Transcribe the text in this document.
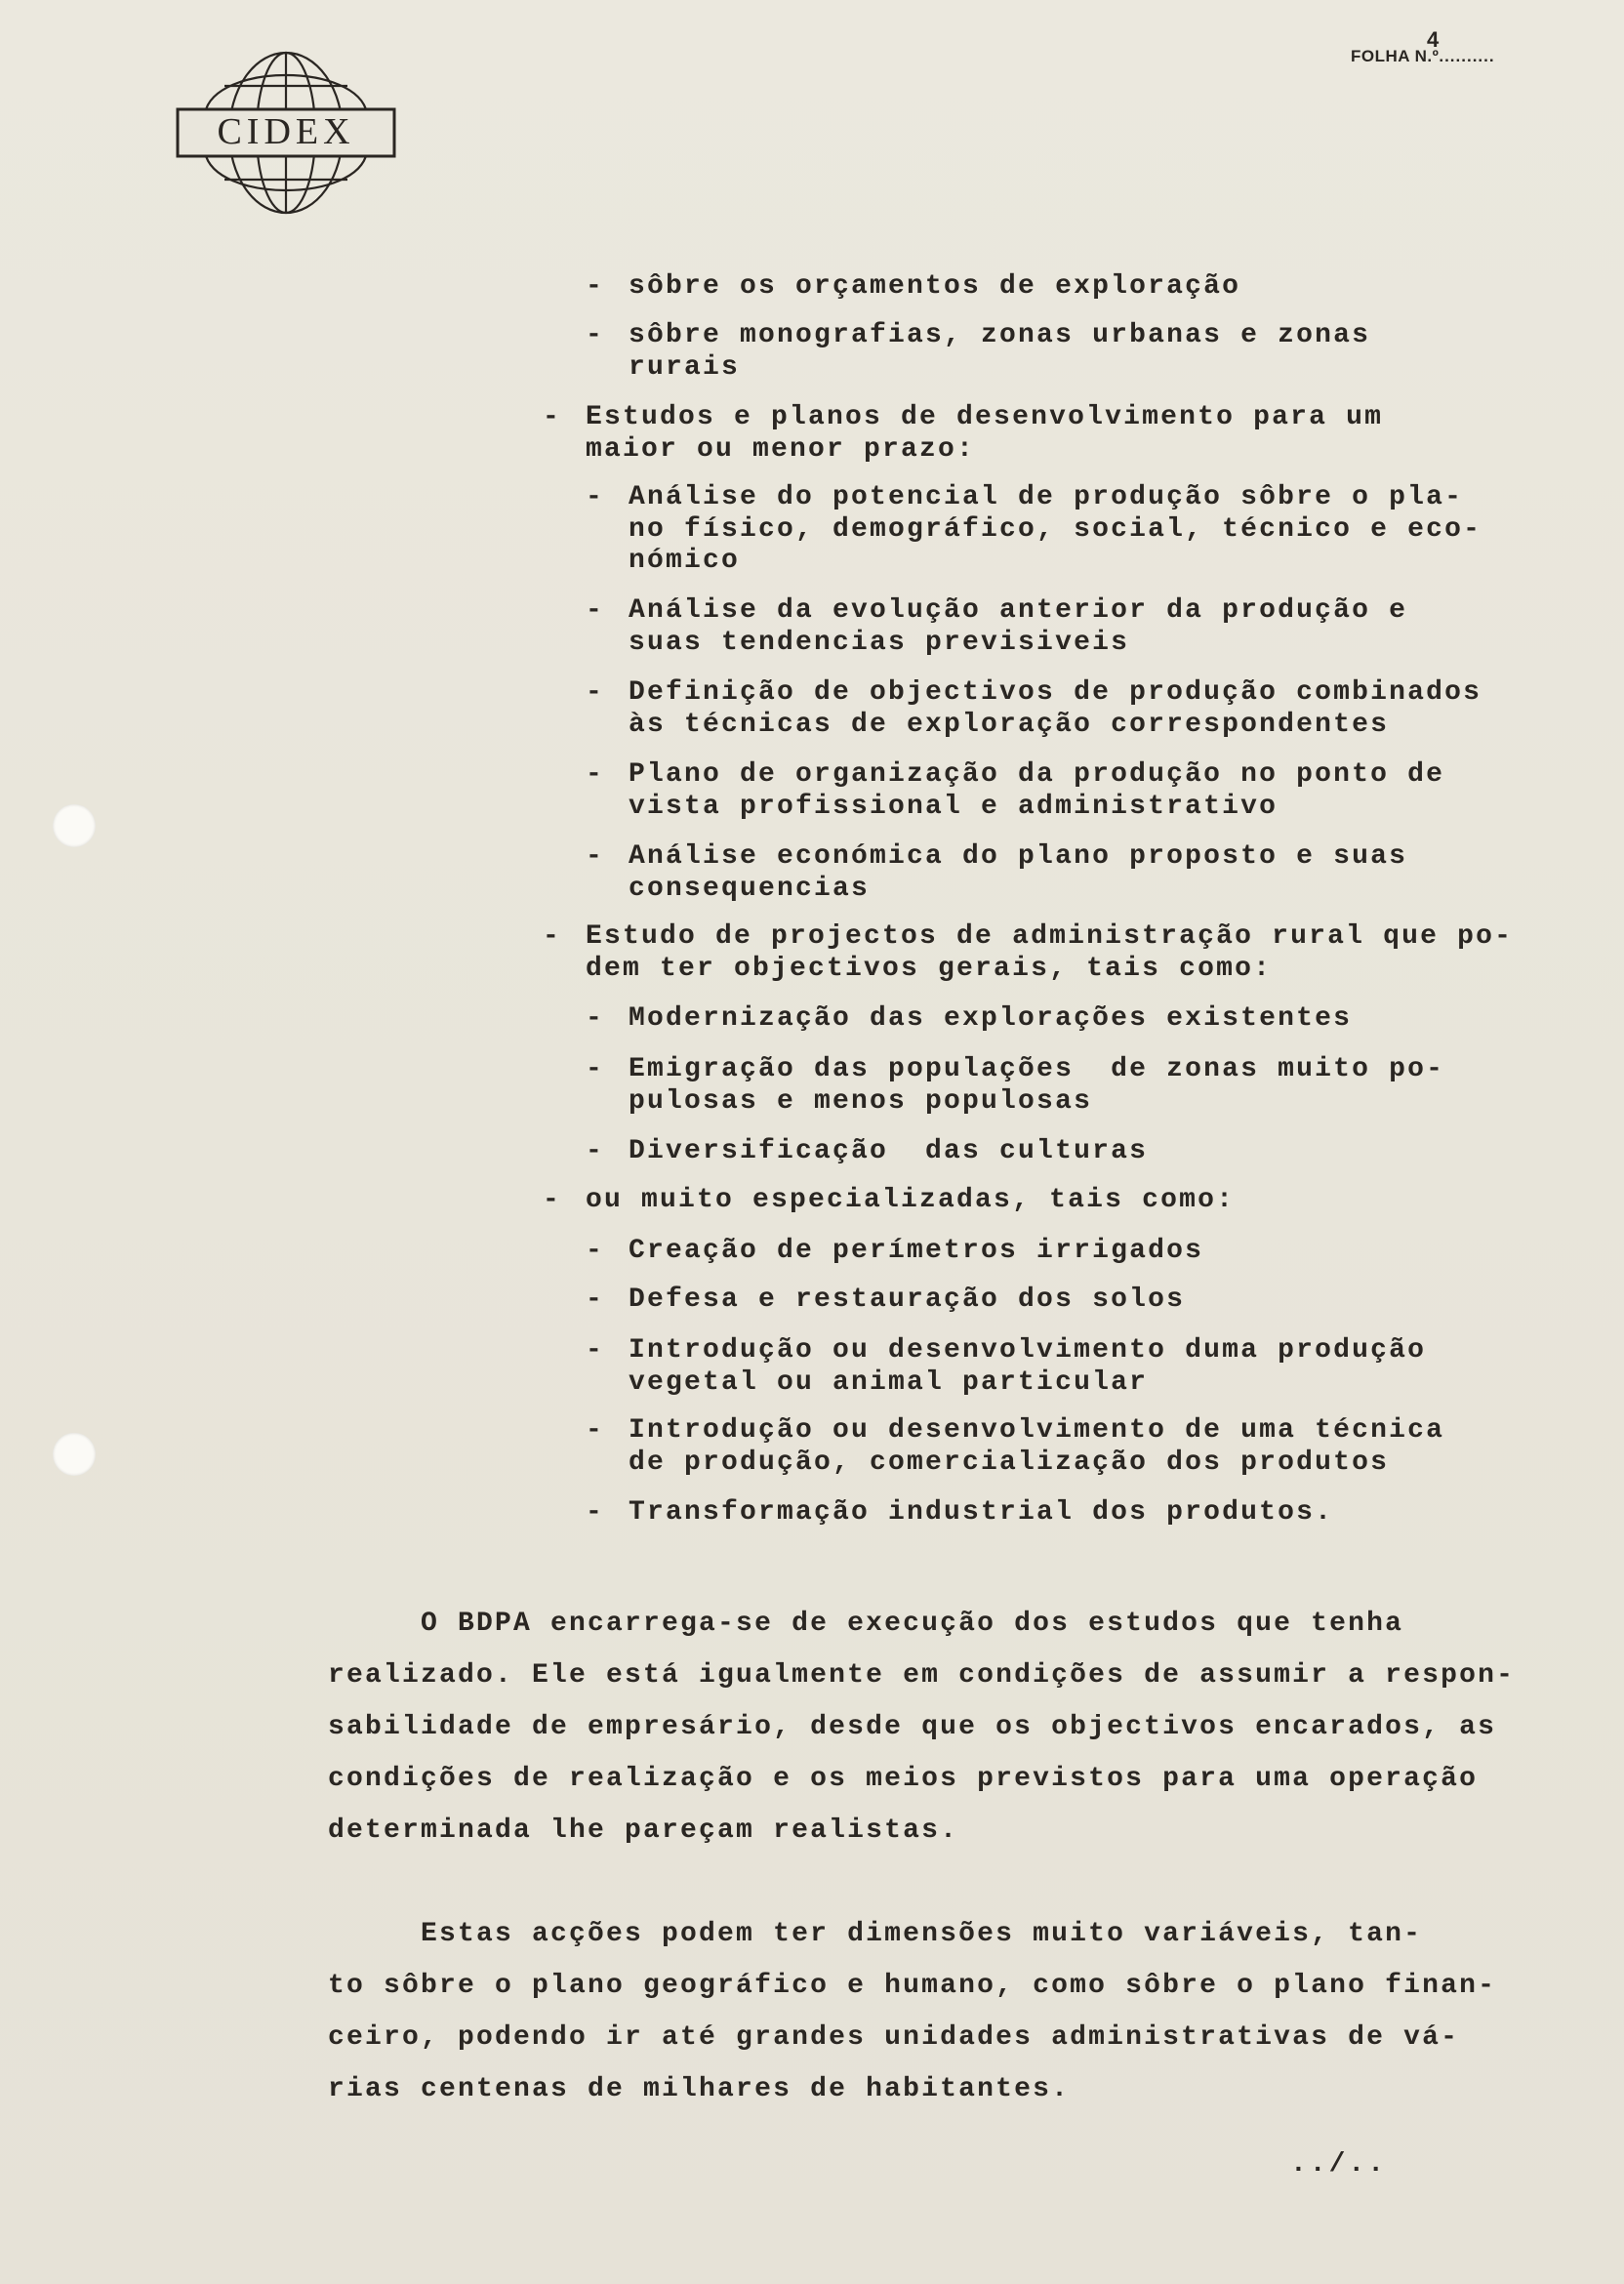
CIDEX
FOLHA N.º..........
4
- sôbre os orçamentos de exploração
- sôbre monografias, zonas urbanas e zonas
rurais
- Estudos e planos de desenvolvimento para um
maior ou menor prazo:
- Análise do potencial de produção sôbre o pla-
no físico, demográfico, social, técnico e eco-
nómico
- Análise da evolução anterior da produção e
suas tendencias previsiveis
- Definição de objectivos de produção combinados
às técnicas de exploração correspondentes
- Plano de organização da produção no ponto de
vista profissional e administrativo
- Análise económica do plano proposto e suas
consequencias
- Estudo de projectos de administração rural que po-
dem ter objectivos gerais, tais como:
- Modernização das explorações existentes
- Emigração das populações  de zonas muito po-
pulosas e menos populosas
- Diversificação  das culturas
- ou muito especializadas, tais como:
- Creação de perímetros irrigados
- Defesa e restauração dos solos
- Introdução ou desenvolvimento duma produção
vegetal ou animal particular
- Introdução ou desenvolvimento de uma técnica
de produção, comercialização dos produtos
- Transformação industrial dos produtos.
O BDPA encarrega-se de execução dos estudos que tenha
realizado. Ele está igualmente em condições de assumir a respon-
sabilidade de empresário, desde que os objectivos encarados, as
condições de realização e os meios previstos para uma operação
determinada lhe pareçam realistas.
Estas acções podem ter dimensões muito variáveis, tan-
to sôbre o plano geográfico e humano, como sôbre o plano finan-
ceiro, podendo ir até grandes unidades administrativas de vá-
rias centenas de milhares de habitantes.
../..
